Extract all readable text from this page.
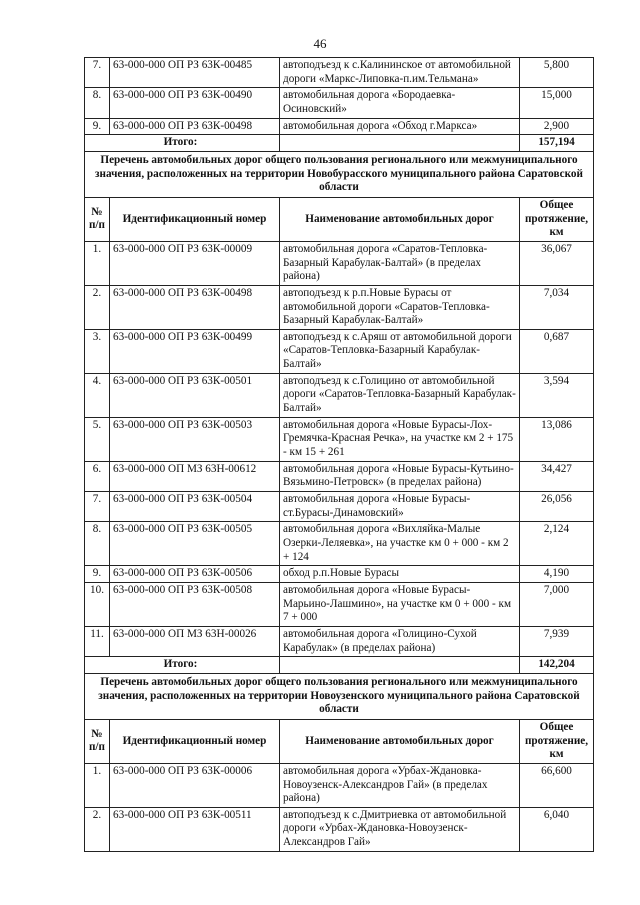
46
7.	63-000-000 ОП РЗ 63К-00485	автоподъезд к с.Калининское от автомобильной дороги «Маркс-Липовка-п.им.Тельмана»	5,800
8.	63-000-000 ОП РЗ 63К-00490	автомобильная дорога «Бородаевка-Осиновский»	15,000
9.	63-000-000 ОП РЗ 63К-00498	автомобильная дорога «Обход г.Маркса»	2,900
Итого:			157,194
Перечень автомобильных дорог общего пользования регионального или межмуниципального значения, расположенных на территории Новобурасского муниципального района Саратовской области			
№ п/п	Идентификационный номер	Наименование автомобильных дорог	Общее протяжение, км
1.	63-000-000 ОП РЗ 63К-00009	автомобильная дорога «Саратов-Тепловка-Базарный Карабулак-Балтай» (в пределах района)	36,067
2.	63-000-000 ОП РЗ 63К-00498	автоподъезд к р.п.Новые Бурасы от автомобильной дороги «Саратов-Тепловка-Базарный Карабулак-Балтай»	7,034
3.	63-000-000 ОП РЗ 63К-00499	автоподъезд к с.Аряш от автомобильной дороги «Саратов-Тепловка-Базарный Карабулак-Балтай»	0,687
4.	63-000-000 ОП РЗ 63К-00501	автоподъезд к с.Голицино от автомобильной дороги «Саратов-Тепловка-Базарный Карабулак-Балтай»	3,594
5.	63-000-000 ОП РЗ 63К-00503	автомобильная дорога «Новые Бурасы-Лох-Гремячка-Красная Речка», на участке км 2 + 175 - км 15 + 261	13,086
6.	63-000-000 ОП МЗ 63Н-00612	автомобильная дорога «Новые Бурасы-Кутьино-Вязьмино-Петровск» (в пределах района)	34,427
7.	63-000-000 ОП РЗ 63К-00504	автомобильная дорога «Новые Бурасы-ст.Бурасы-Динамовский»	26,056
8.	63-000-000 ОП РЗ 63К-00505	автомобильная дорога «Вихляйка-Малые Озерки-Леляевка», на участке км 0 + 000 - км 2 + 124	2,124
9.	63-000-000 ОП РЗ 63К-00506	обход р.п.Новые Бурасы	4,190
10.	63-000-000 ОП РЗ 63К-00508	автомобильная дорога «Новые Бурасы-Марьино-Лашмино», на участке км 0 + 000 - км 7 + 000	7,000
11.	63-000-000 ОП МЗ 63Н-00026	автомобильная дорога «Голицино-Сухой Карабулак» (в пределах района)	7,939
Итого:			142,204
Перечень автомобильных дорог общего пользования регионального или межмуниципального значения, расположенных на территории Новоузенского муниципального района Саратовской области			
№ п/п	Идентификационный номер	Наименование автомобильных дорог	Общее протяжение, км
1.	63-000-000 ОП РЗ 63К-00006	автомобильная дорога «Урбах-Ждановка-Новоузенск-Александров Гай» (в пределах района)	66,600
2.	63-000-000 ОП РЗ 63К-00511	автоподъезд к с.Дмитриевка от автомобильной дороги «Урбах-Ждановка-Новоузенск-Александров Гай»	6,040
